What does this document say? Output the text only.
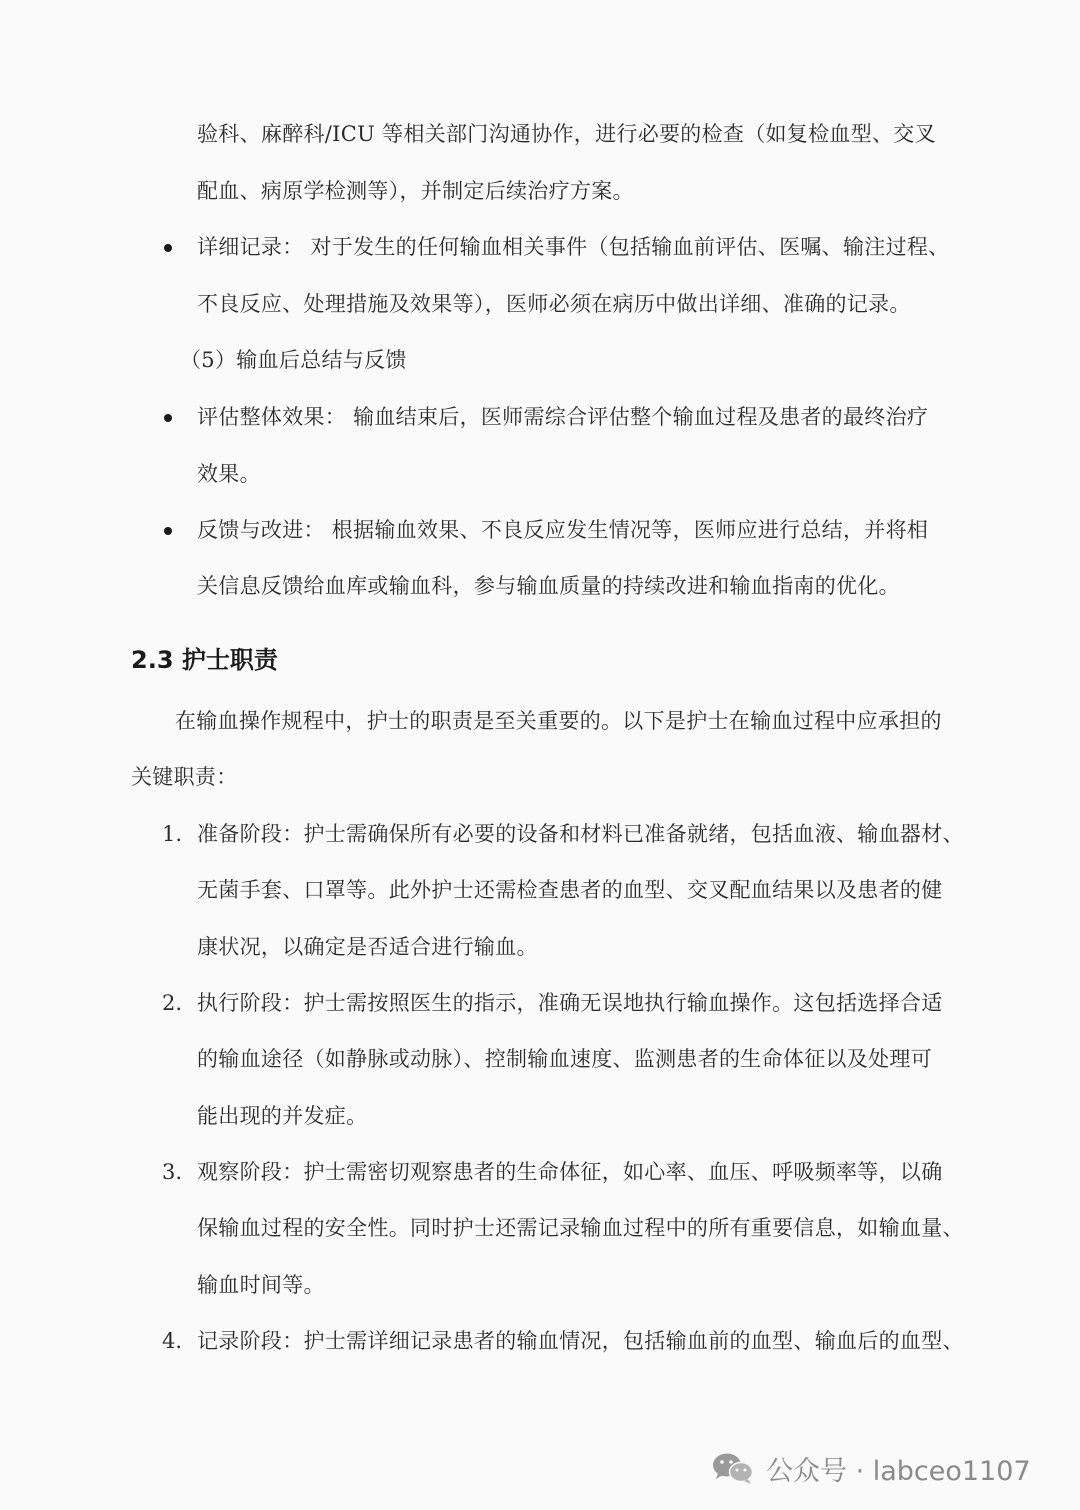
验科、麻醉科/ICU 等相关部门沟通协作，进行必要的检查（如复检血型、交叉
配血、病原学检测等），并制定后续治疗方案。
详细记录： 对于发生的任何输血相关事件（包括输血前评估、医嘱、输注过程、
不良反应、处理措施及效果等），医师必须在病历中做出详细、准确的记录。
（5）输血后总结与反馈
评估整体效果： 输血结束后，医师需综合评估整个输血过程及患者的最终治疗
效果。
反馈与改进： 根据输血效果、不良反应发生情况等，医师应进行总结，并将相
关信息反馈给血库或输血科，参与输血质量的持续改进和输血指南的优化。
2.3 护士职责
在输血操作规程中，护士的职责是至关重要的。以下是护士在输血过程中应承担的
关键职责：
1. 准备阶段：护士需确保所有必要的设备和材料已准备就绪，包括血液、输血器材、
无菌手套、口罩等。此外护士还需检查患者的血型、交叉配血结果以及患者的健
康状况，以确定是否适合进行输血。
2. 执行阶段：护士需按照医生的指示，准确无误地执行输血操作。这包括选择合适
的输血途径（如静脉或动脉）、控制输血速度、监测患者的生命体征以及处理可
能出现的并发症。
3. 观察阶段：护士需密切观察患者的生命体征，如心率、血压、呼吸频率等，以确
保输血过程的安全性。同时护士还需记录输血过程中的所有重要信息，如输血量、
输血时间等。
4. 记录阶段：护士需详细记录患者的输血情况，包括输血前的血型、输血后的血型、
公众号 · labceo1107
